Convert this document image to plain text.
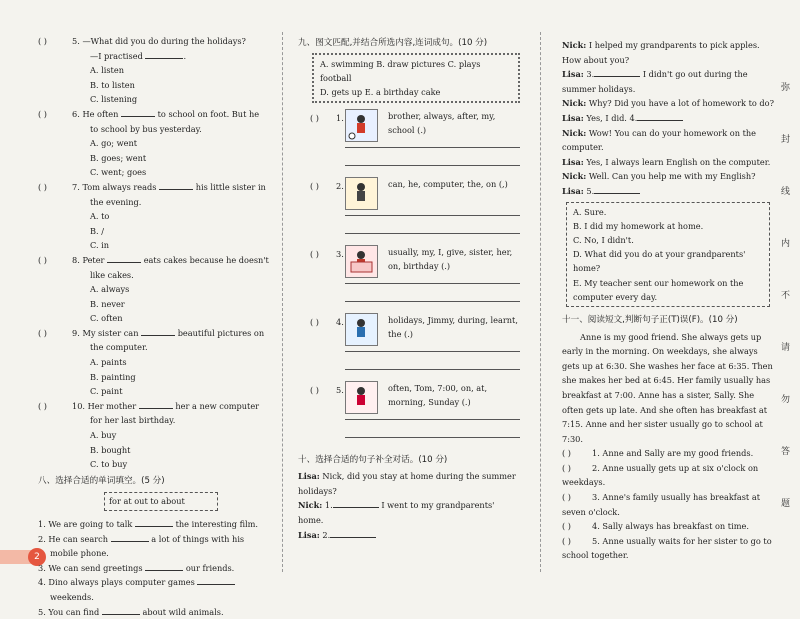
2

( )	5. —What did you do during the holidays?

—I practised	.

A. listenB. to listen

C. listening

( )	6. He often	to school on foot. But he

to school by bus yesterday.

A. go; wentB. goes; went

C. went; goes

( )	7. Tom always reads	his little sister in

the evening.

A. toB. /

C. in

( )	8. Peter	eats cakes because he doesn't

like cakes.

A. alwaysB. never

C. often

( )	9. My sister can	beautiful pictures on

the computer.

A. paintsB. painting

C. paint

( )	10. Her mother	her a new computer

for her last birthday.

A. buyB. bought

C. to buy

八、选择合适的单词填空。(5 分)
for at out to about

1. We are going to talk	the interesting film.

2. He can search	a lot of things with his

mobile phone.

3. We can send greetings	our friends.

4. Dino always plays computer games

weekends.

5. You can find	about wild animals.

九、图文匹配,并结合所选内容,连词成句。(10 分)
A. swimming B. draw pictures C. plays football
D. gets up E. a birthday cake
( ) 1.	brother, always, after, my, school (.)
( ) 2.	can, he, computer, the, on (,)
( ) 3.	usually, my, I, give, sister, her, on, birthday (.)
( ) 4.	holidays, Jimmy, during, learnt, the (.)
( ) 5.	often, Tom, 7:00, on, at, morning, Sunday (.)
十、选择合适的句子补全对话。(10 分)

Lisa: Nick, did you stay at home during the summer holidays?

Nick: 1.	I went to my grandparents' home.

Lisa: 2.

Nick: I helped my grandparents to pick apples. How about you?

Lisa: 3.	I didn't go out during the summer holidays.

Nick: Why? Did you have a lot of homework to do?

Lisa: Yes, I did. 4.

Nick: Wow! You can do your homework on the computer.

Lisa: Yes, I always learn English on the computer.

Nick: Well. Can you help me with my English?

Lisa: 5.

A. Sure.
B. I did my homework at home.
C. No, I didn't.
D. What did you do at your grandparents' home?
E. My teacher sent our homework on the computer every day.
十一、阅读短文,判断句子正(T)误(F)。(10 分)

Anne is my good friend. She always gets up early in the morning. On weekdays, she always gets up at 6:30. She washes her face at 6:35. Then she makes her bed at 6:45. Her family usually has breakfast at 7:00. Anne has a sister, Sally. She often gets up late. And she often has breakfast at 7:15. Anne and her sister usually go to school at 7:30.

( )	1. Anne and Sally are my good friends.

( )	2. Anne usually gets up at six o'clock on weekdays.

( )	3. Anne's family usually has breakfast at seven o'clock.

( )	4. Sally always has breakfast on time.

( )	5. Anne usually waits for her sister to go to school together.

弥
封
线
内
不
请
勿
答
题
